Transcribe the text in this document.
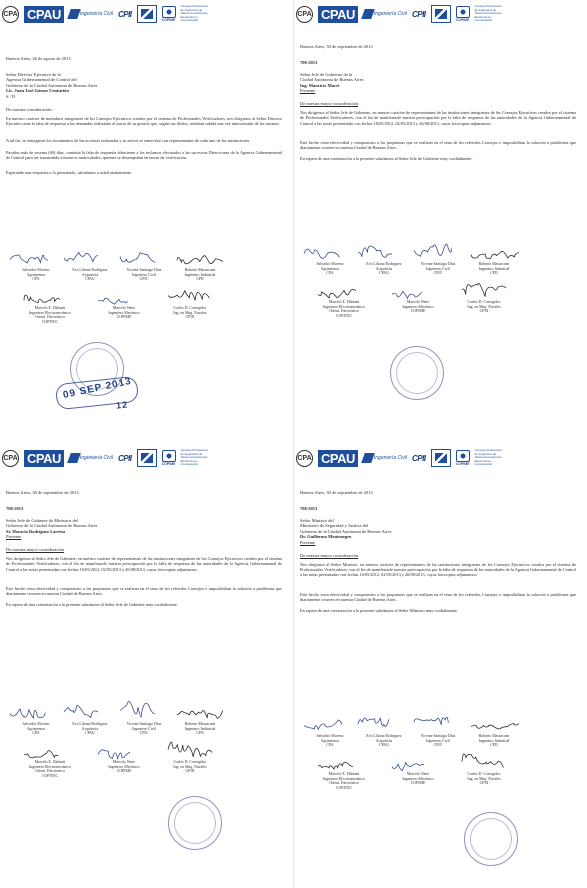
CPA CPAU	Ingeniería Civil CPII
COPIME
Consejo Profesional de Ingeniería de Telecomunicaciones, Electrónica y Computación
Buenos Aires, 26 de agosto de 2013
Señor Director Ejecutivo de la
Agencia Gubernamental de Control del
Gobierno de la Ciudad Autónoma de Buenos Aires
Lic. Juan José Gómez Centurión
S / D
De nuestra consideración:
En nuestro carácter de miembros integrantes de los Consejos Ejecutivos creados por el sistema de Profesionales Verificadores, nos dirigimos al Señor Director Ejecutivo ante la falta de respuesta a las demandas realizadas al inicio de su gestión que, según sus dichos, tendrían sabida una vez interiorizado de las mismas.
A tal fin, se entregaron los documentos de las acciones realizadas y su asesor se entrevistó con representantes de cada uno de las instituciones.
Pasados más de sesenta (60) días, continúa la falta de respuesta fehaciente a los reclamos efectuados a las sucesivas Direcciones de la Agencia Gubernamental de Control para ser transmitida a nuestros matriculados, quienes se desempeñan en tareas de verificación.
Esperando una respuesta a lo presentado, saludamos a usted atentamente.
Salvador Moreno
Agrimensor
CPA
Eva Liliana Rodríguez
Arquitecta
CPAU
Vicente Santiago Díaz
Ingeniero Civil
CPIC
Roberto Massacane
Ingeniero Industrial
CPII
Marcelo E. Dalmati
Ingeniero Electromecánico
Orient. Electrónica
COPITEC
Marcelo Nene
Ingeniero Mecánico
COPIME
Carlos D. Corregidor
Ing. en Maq. Navales
CPIN
09 SEP 2013
12
CPA CPAU	Ingeniería Civil CPII
COPIME
Consejo Profesional de Ingeniería de Telecomunicaciones, Electrónica y Computación
Buenos Aires, 30 de septiembre de 2013
708-2013
Señor Jefe de Gobierno de la
Ciudad Autónoma de Buenos Aires
Ing. Mauricio Macri
Presente
De nuestra mayor consideración
Nos dirigimos al Señor Jefe de Gobierno, en nuestro carácter de representantes de las instituciones integrantes de los Consejos Ejecutivos creados por el sistema de Profesionales Verificadores, con el fin de manifestarle nuestra preocupación por la falta de respuesta de las autoridades de la Agencia Gubernamental de Control a las notas presentadas con fechas 16/05/2012, 02/05/2013 y 26/08/2013, cuyas fotocopias adjuntamos.
Este hecho resta efectividad y compromiso a las propuestas que se realizan en el seno de los referidos Consejos e imposibilitan la solución a problemas que diariamente ocurren en nuestra Ciudad de Buenos Aires.
En espera de una contestación a la presente saludamos al Señor Jefe de Gobierno muy cordialmente.
Salvador Moreno
Agrimensor
CPA
Eva Liliana Rodríguez
Arquitecta
CPAU
Vicente Santiago Díaz
Ingeniero Civil
CPIC
Roberto Massacane
Ingeniero Industrial
CPII
Marcelo E. Dalmati
Ingeniero Electromecánico
Orient. Electrónica
COPITEC
Marcelo Nene
Ingeniero Mecánico
COPIME
Carlos D. Corregidor
Ing. en Maq. Navales
CPIN
CPA CPAU	Ingeniería Civil CPII
COPIME
Consejo Profesional de Ingeniería de Telecomunicaciones, Electrónica y Computación
Buenos Aires, 30 de septiembre de 2013
708-2013
Señor Jefe de Gabinete de Ministros del
Gobierno de la Ciudad Autónoma de Buenos Aires
Sr. Horacio Rodríguez Larreta
Presente
De nuestra mayor consideración
Nos dirigimos al Señor Jefe de Gabinete, en nuestro carácter de representantes de las instituciones integrantes de los Consejos Ejecutivos creados por el sistema de Profesionales Verificadores, con el fin de manifestarle nuestra preocupación por la falta de respuesta de las autoridades de la Agencia Gubernamental de Control a las notas presentadas con fechas 16/05/2012, 02/05/2013 y 26/08/2013, cuyas fotocopias adjuntamos.
Este hecho resta efectividad y compromiso a las propuestas que se realizan en el seno de los referidos Consejos e imposibilitan la solución a problemas que diariamente ocurren en nuestra Ciudad de Buenos Aires.
En espera de una contestación a la presente saludamos al Señor Jefe de Gabinete muy cordialmente.
Salvador Moreno
Agrimensor
CPA
Eva Liliana Rodríguez
Arquitecta
CPAU
Vicente Santiago Díaz
Ingeniero Civil
CPIC
Roberto Massacane
Ingeniero Industrial
CPII
Marcelo E. Dalmati
Ingeniero Electromecánico
Orient. Electrónica
COPITEC
Marcelo Nene
Ingeniero Mecánico
COPIME
Carlos D. Corregidor
Ing. en Maq. Navales
CPIN
CPA CPAU	Ingeniería Civil CPII
COPIME
Consejo Profesional de Ingeniería de Telecomunicaciones, Electrónica y Computación
Buenos Aires, 30 de septiembre de 2013
708-2013
Señor Ministro del
Ministerio de Seguridad y Justicia del
Gobierno de la Ciudad Autónoma de Buenos Aires
Dr. Guillermo Montenegro
Presente
De nuestra mayor consideración
Nos dirigimos al Señor Ministro, en nuestro carácter de representantes de las instituciones integrantes de los Consejos Ejecutivos creados por el sistema de Profesionales Verificadores, con el fin de manifestarle nuestra preocupación por la falta de respuesta de las autoridades de la Agencia Gubernamental de Control a las notas presentadas con fechas 16/05/2012, 02/05/2013 y 26/08/2013, cuyas fotocopias adjuntamos.
Este hecho resta efectividad y compromiso a las propuestas que se realizan en el seno de los referidos Consejos e imposibilitan la solución a problemas que diariamente ocurren en nuestra Ciudad de Buenos Aires.
En espera de una contestación a la presente saludamos al Señor Ministro muy cordialmente.
Salvador Moreno
Agrimensor
CPA
Eva Liliana Rodríguez
Arquitecta
CPAU
Vicente Santiago Díaz
Ingeniero Civil
CPIC
Roberto Massacane
Ingeniero Industrial
CPII
Marcelo E. Dalmati
Ingeniero Electromecánico
Orient. Electrónica
COPITEC
Marcelo Nene
Ingeniero Mecánico
COPIME
Carlos D. Corregidor
Ing. en Maq. Navales
CPIN
